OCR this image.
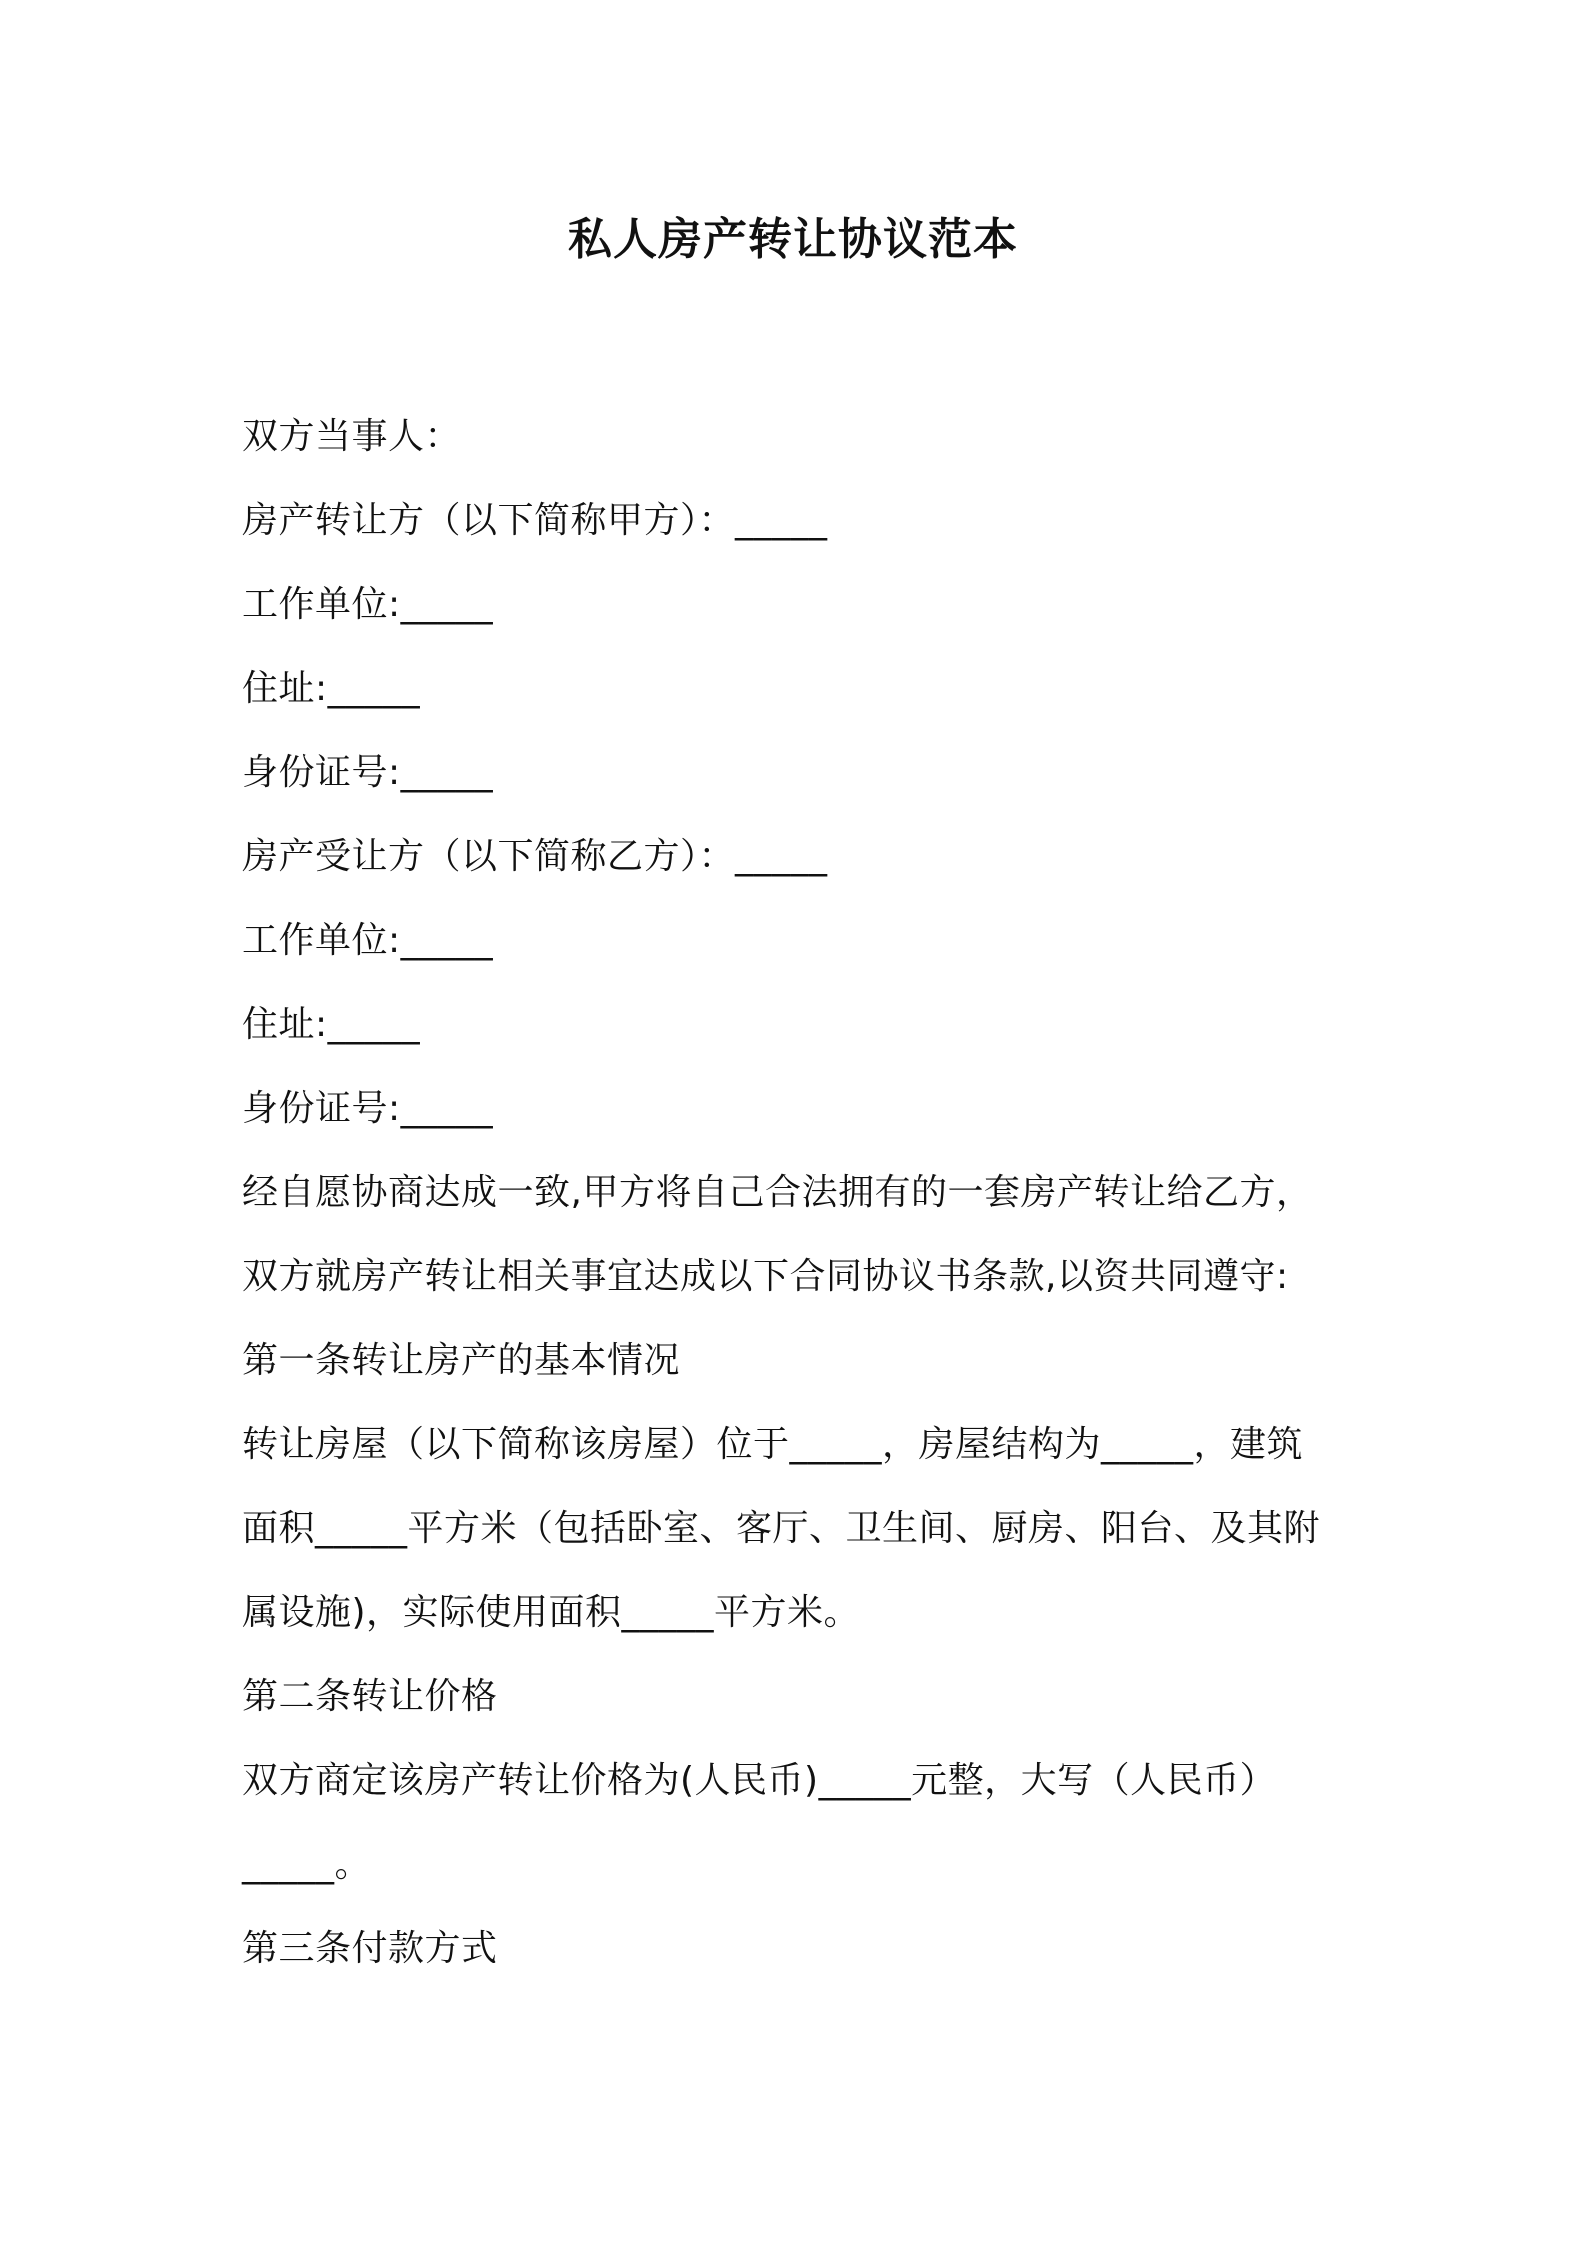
私人房产转让协议范本
双方当事人：
房产转让方（以下简称甲方）：_____
工作单位:_____
住址:_____
身份证号:_____
房产受让方（以下简称乙方）：_____
工作单位:_____
住址:_____
身份证号:_____
经自愿协商达成一致,甲方将自己合法拥有的一套房产转让给乙方，
双方就房产转让相关事宜达成以下合同协议书条款,以资共同遵守:
第一条转让房产的基本情况
转让房屋（以下简称该房屋）位于_____，房屋结构为_____，建筑
面积_____平方米（包括卧室、客厅、卫生间、厨房、阳台、及其附
属设施)，实际使用面积_____平方米。
第二条转让价格
双方商定该房产转让价格为(人民币)_____元整，大写（人民币）
_____。
第三条付款方式
